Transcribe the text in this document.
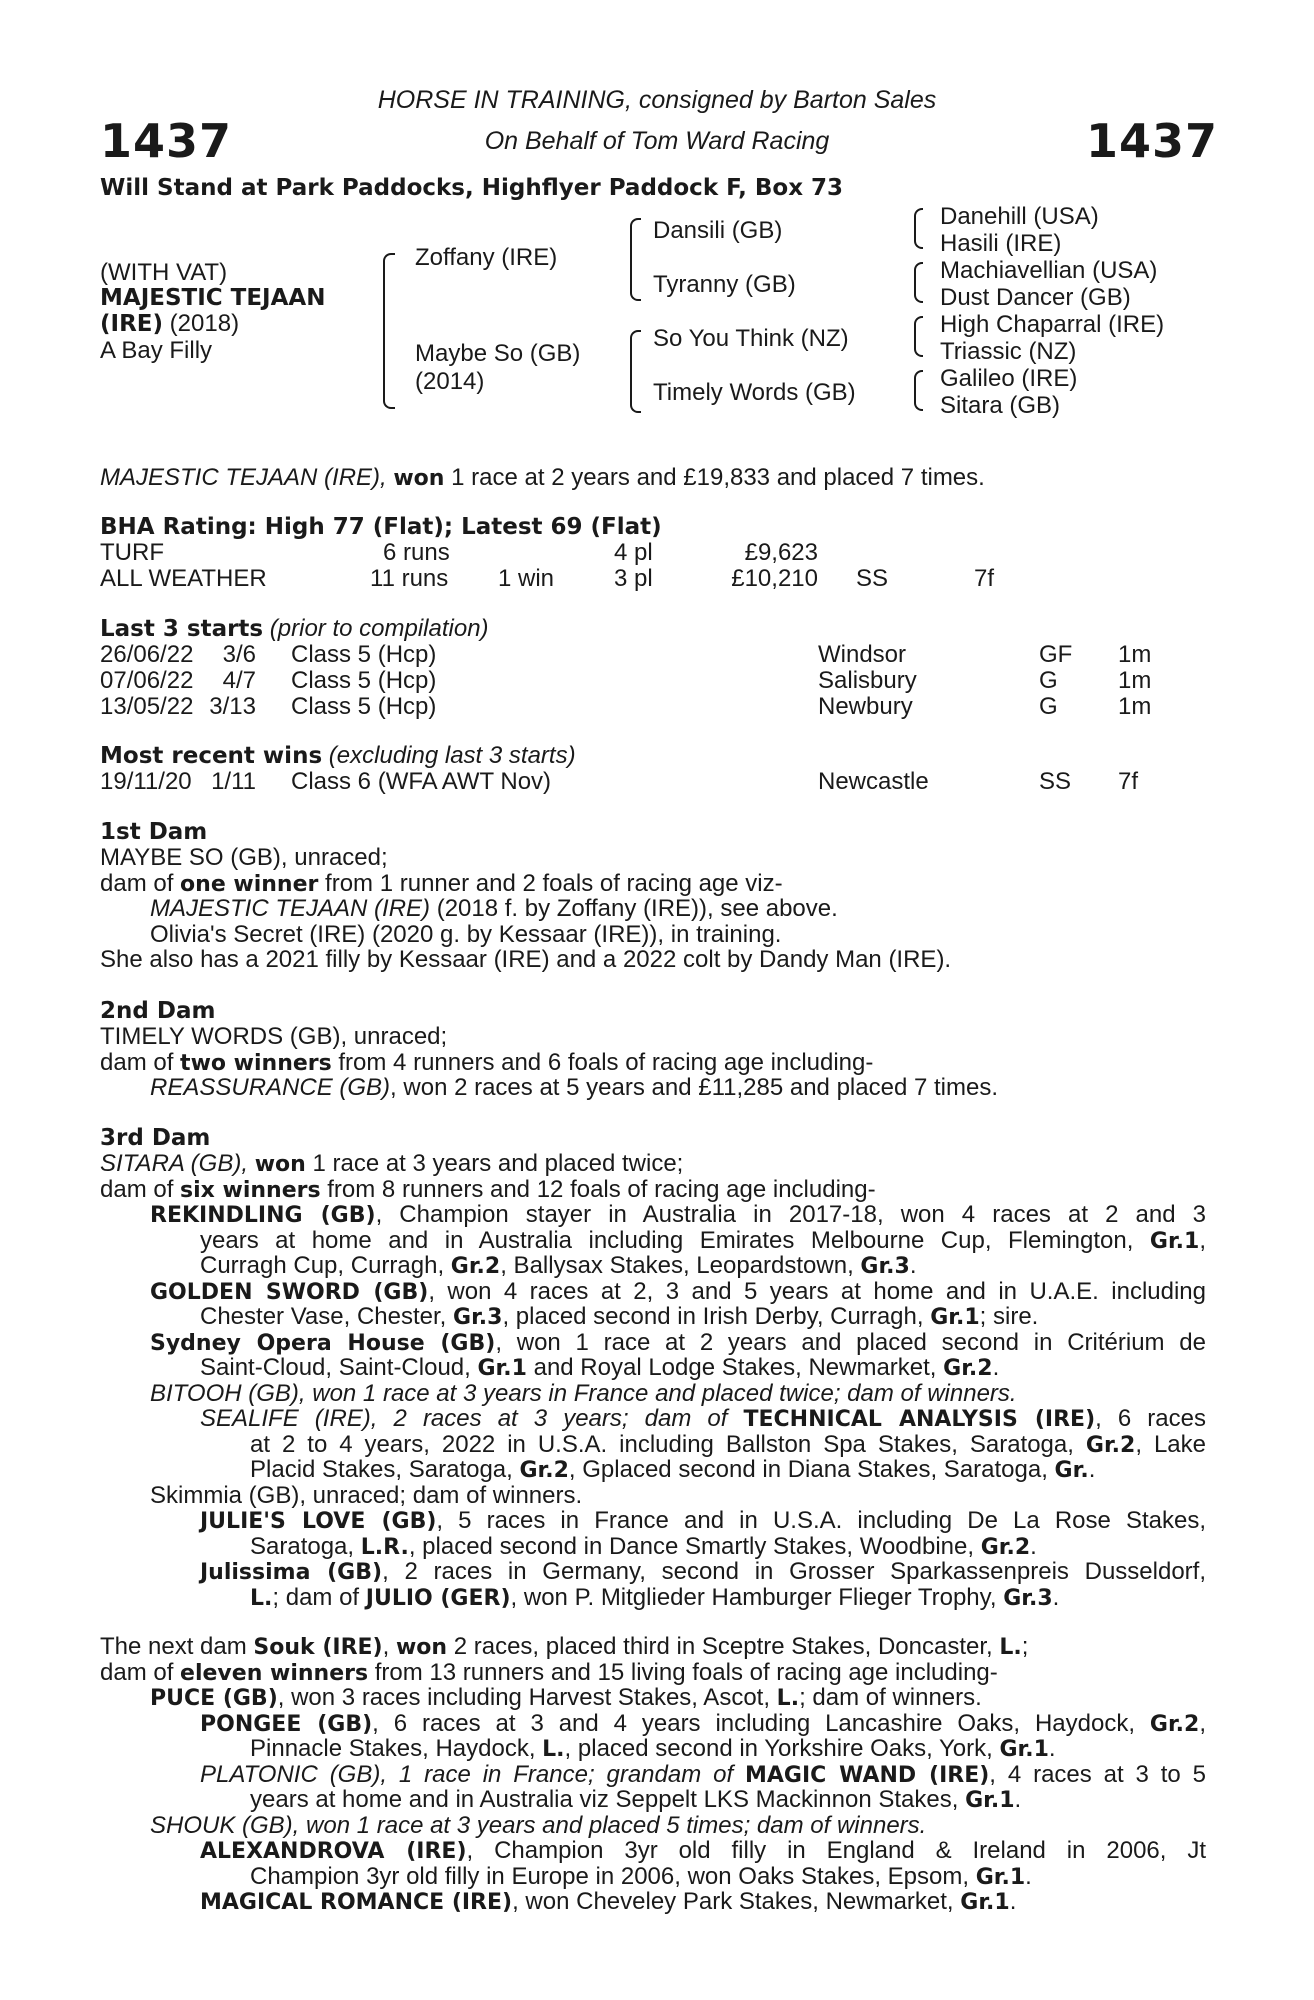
1437	1437
HORSE IN TRAINING, consigned by Barton Sales
On Behalf of Tom Ward Racing
Will Stand at Park Paddocks, Highflyer Paddock F, Box 73
(WITH VAT)
MAJESTIC TEJAAN
(IRE) (2018)
A Bay Filly
Zoffany (IRE)
Maybe So (GB)
(2014)
Dansili (GB)
Tyranny (GB)
So You Think (NZ)
Timely Words (GB)
Danehill (USA)
Hasili (IRE)
Machiavellian (USA)
Dust Dancer (GB)
High Chaparral (IRE)
Triassic (NZ)
Galileo (IRE)
Sitara (GB)
MAJESTIC TEJAAN (IRE), won 1 race at 2 years and £19,833 and placed 7 times.
BHA Rating: High 77 (Flat); Latest 69 (Flat)
TURF	6 runs	4 pl	£9,623
ALL WEATHER	11 runs 1 win 3 pl	£10,210 SS	7f
Last 3 starts (prior to compilation)
26/06/22	3/6 Class 5 (Hcp)	Windsor	GF 1m
07/06/22	4/7 Class 5 (Hcp)	Salisbury	G	1m
13/05/22 3/13 Class 5 (Hcp)	Newbury	G	1m
Most recent wins (excluding last 3 starts)
19/11/20 1/11 Class 6 (WFA AWT Nov)	Newcastle	SS 7f
1st Dam
MAYBE SO (GB), unraced;
dam of one winner from 1 runner and 2 foals of racing age viz-
MAJESTIC TEJAAN (IRE) (2018 f. by Zoffany (IRE)), see above.
Olivia's Secret (IRE) (2020 g. by Kessaar (IRE)), in training.
She also has a 2021 filly by Kessaar (IRE) and a 2022 colt by Dandy Man (IRE).
2nd Dam
TIMELY WORDS (GB), unraced;
dam of two winners from 4 runners and 6 foals of racing age including-
REASSURANCE (GB), won 2 races at 5 years and £11,285 and placed 7 times.
3rd Dam
SITARA (GB), won 1 race at 3 years and placed twice;
dam of six winners from 8 runners and 12 foals of racing age including-
REKINDLING (GB), Champion stayer in Australia in 2017-18, won 4 races at 2 and 3
years at home and in Australia including Emirates Melbourne Cup, Flemington, Gr.1,
Curragh Cup, Curragh, Gr.2, Ballysax Stakes, Leopardstown, Gr.3.
GOLDEN SWORD (GB), won 4 races at 2, 3 and 5 years at home and in U.A.E. including
Chester Vase, Chester, Gr.3, placed second in Irish Derby, Curragh, Gr.1; sire.
Sydney Opera House (GB), won 1 race at 2 years and placed second in Critérium de
Saint-Cloud, Saint-Cloud, Gr.1 and Royal Lodge Stakes, Newmarket, Gr.2.
BITOOH (GB), won 1 race at 3 years in France and placed twice; dam of winners.
SEALIFE (IRE), 2 races at 3 years; dam of TECHNICAL ANALYSIS (IRE), 6 races
at 2 to 4 years, 2022 in U.S.A. including Ballston Spa Stakes, Saratoga, Gr.2, Lake
Placid Stakes, Saratoga, Gr.2, Gplaced second in Diana Stakes, Saratoga, Gr..
Skimmia (GB), unraced; dam of winners.
JULIE'S LOVE (GB), 5 races in France and in U.S.A. including De La Rose Stakes,
Saratoga, L.R., placed second in Dance Smartly Stakes, Woodbine, Gr.2.
Julissima (GB), 2 races in Germany, second in Grosser Sparkassenpreis Dusseldorf,
L.; dam of JULIO (GER), won P. Mitglieder Hamburger Flieger Trophy, Gr.3.
The next dam Souk (IRE), won 2 races, placed third in Sceptre Stakes, Doncaster, L.;
dam of eleven winners from 13 runners and 15 living foals of racing age including-
PUCE (GB), won 3 races including Harvest Stakes, Ascot, L.; dam of winners.
PONGEE (GB), 6 races at 3 and 4 years including Lancashire Oaks, Haydock, Gr.2,
Pinnacle Stakes, Haydock, L., placed second in Yorkshire Oaks, York, Gr.1.
PLATONIC (GB), 1 race in France; grandam of MAGIC WAND (IRE), 4 races at 3 to 5
years at home and in Australia viz Seppelt LKS Mackinnon Stakes, Gr.1.
SHOUK (GB), won 1 race at 3 years and placed 5 times; dam of winners.
ALEXANDROVA (IRE), Champion 3yr old filly in England & Ireland in 2006, Jt
Champion 3yr old filly in Europe in 2006, won Oaks Stakes, Epsom, Gr.1.
MAGICAL ROMANCE (IRE), won Cheveley Park Stakes, Newmarket, Gr.1.
